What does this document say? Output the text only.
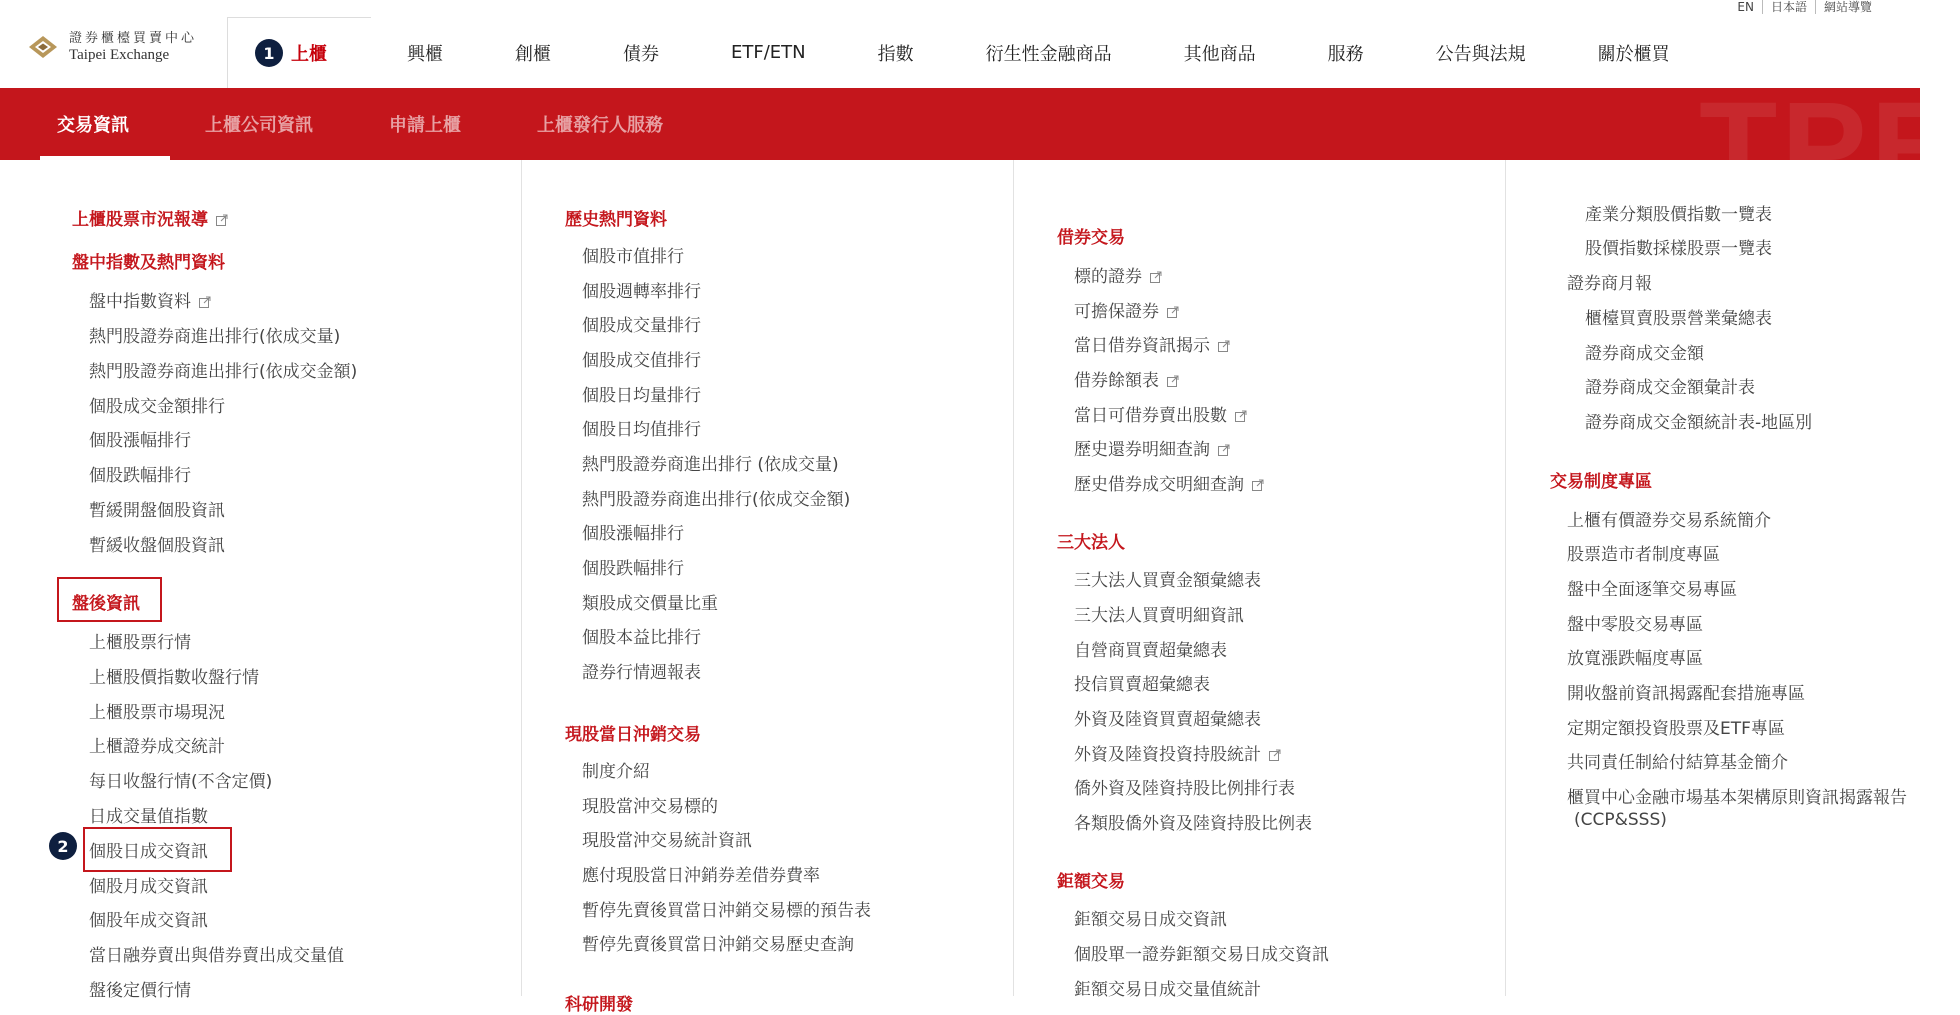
證券櫃檯買賣中心
Taipei Exchange	1 上櫃	興櫃	創櫃	債券	ETF/ETN	指數	衍生性金融商品	其他商品	服務	公告與法規	關於櫃買
EN	日本語	網站導覽
TPE
交易資訊	上櫃公司資訊	申請上櫃	上櫃發行人服務
上櫃股票市況報導
盤中指數及熱門資料
盤中指數資料
熱門股證券商進出排行(依成交量)
熱門股證券商進出排行(依成交金額)
個股成交金額排行
個股漲幅排行
個股跌幅排行
暫緩開盤個股資訊
暫緩收盤個股資訊
盤後資訊
上櫃股票行情
上櫃股價指數收盤行情
上櫃股票市場現況
上櫃證券成交統計
每日收盤行情(不含定價)
日成交量值指數
2	個股日成交資訊
個股月成交資訊
個股年成交資訊
當日融券賣出與借券賣出成交量值
盤後定價行情
歷史熱門資料
個股市值排行
個股週轉率排行
個股成交量排行
個股成交值排行
個股日均量排行
個股日均值排行
熱門股證券商進出排行 (依成交量)
熱門股證券商進出排行(依成交金額)
個股漲幅排行
個股跌幅排行
類股成交價量比重
個股本益比排行
證券行情週報表
現股當日沖銷交易
制度介紹
現股當沖交易標的
現股當沖交易統計資訊
應付現股當日沖銷券差借券費率
暫停先賣後買當日沖銷交易標的預告表
暫停先賣後買當日沖銷交易歷史查詢
科研開發
借券交易
標的證券
可擔保證券
當日借券資訊揭示
借券餘額表
當日可借券賣出股數
歷史還券明細查詢
歷史借券成交明細查詢
三大法人
三大法人買賣金額彙總表
三大法人買賣明細資訊
自營商買賣超彙總表
投信買賣超彙總表
外資及陸資買賣超彙總表
外資及陸資投資持股統計
僑外資及陸資持股比例排行表
各類股僑外資及陸資持股比例表
鉅額交易
鉅額交易日成交資訊
個股單一證券鉅額交易日成交資訊
鉅額交易日成交量值統計
產業分類股價指數一覽表
股價指數採樣股票一覽表
證券商月報
櫃檯買賣股票營業彙總表
證券商成交金額
證券商成交金額彙計表
證券商成交金額統計表-地區別
交易制度專區
上櫃有價證券交易系統簡介
股票造市者制度專區
盤中全面逐筆交易專區
盤中零股交易專區
放寬漲跌幅度專區
開收盤前資訊揭露配套措施專區
定期定額投資股票及ETF專區
共同責任制給付結算基金簡介
櫃買中心金融市場基本架構原則資訊揭露報告
(CCP&SSS)
